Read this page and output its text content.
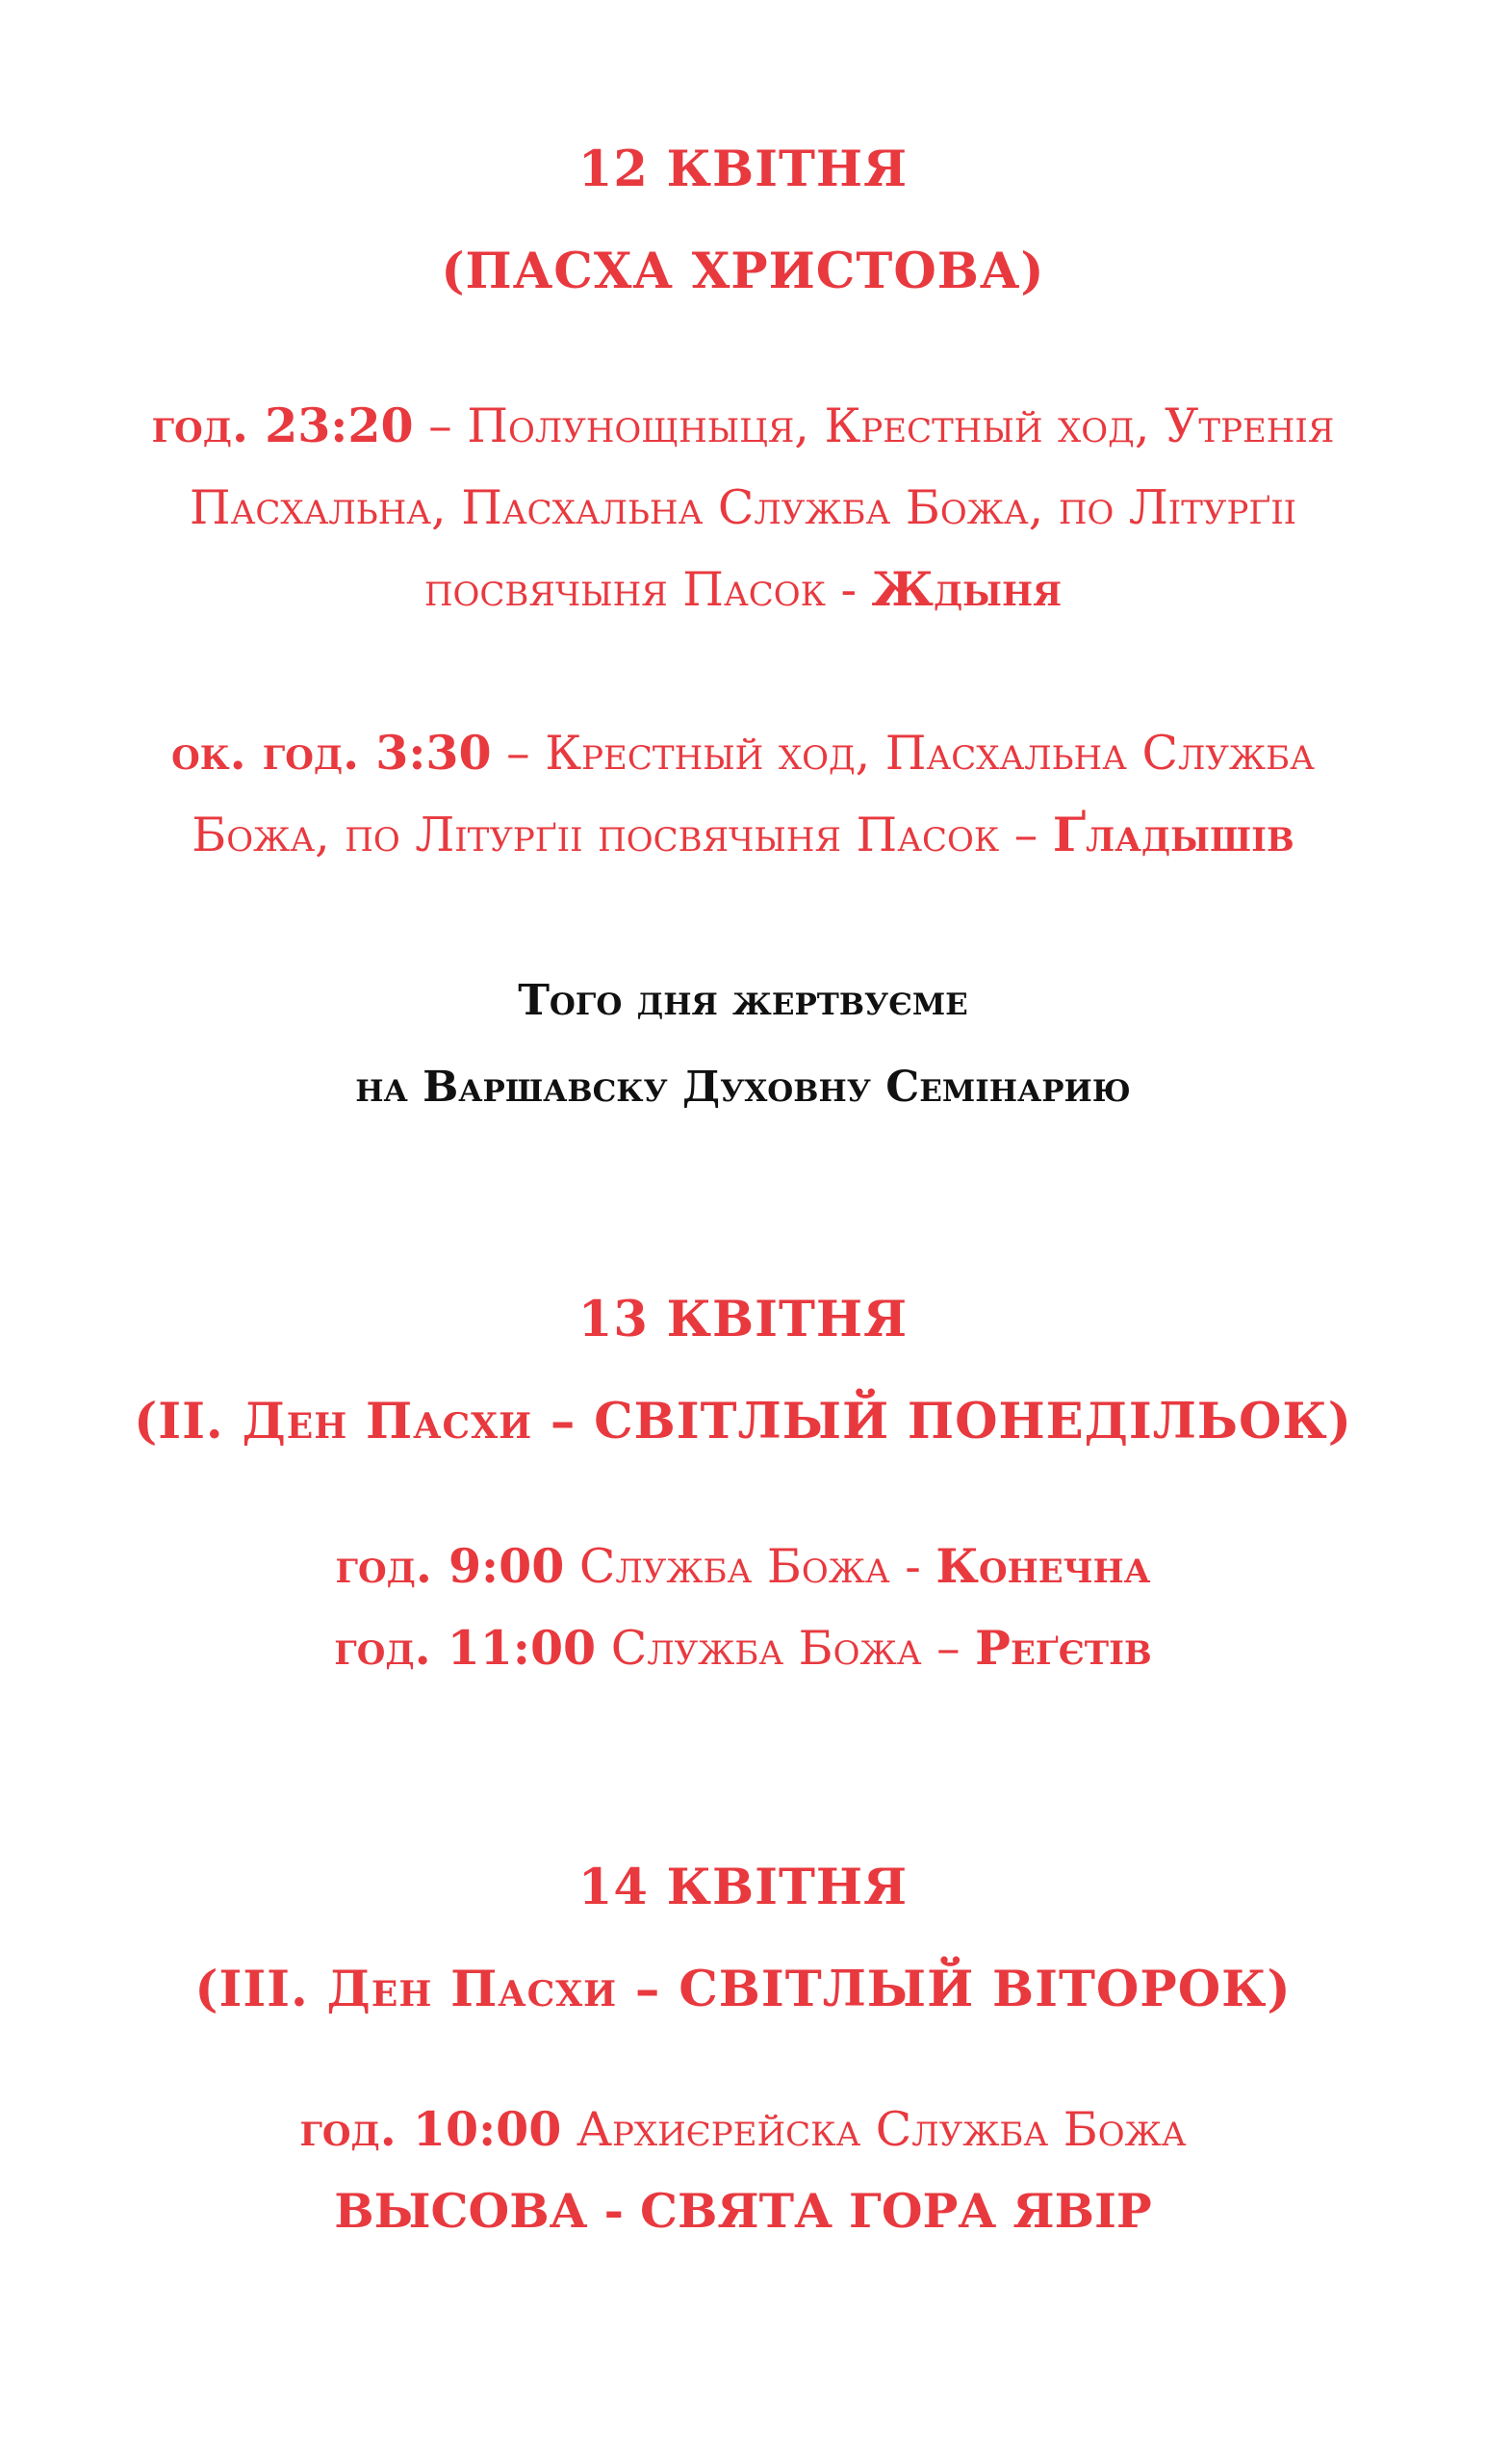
12 КВІТНЯ
(ПАСХА ХРИСТОВА)
год. 23:20 – Полунощныця, Крестный ход, Утренія
Пасхальна, Пасхальна Служба Божа, по Літурґіі
посвячыня Пасок - Ждыня
ок. год. 3:30 – Крестный ход, Пасхальна Служба
Божа, по Літурґіі посвячыня Пасок – Ґладышів
Того дня жертвуєме
на Варшавску Духовну Семінарию
13 КВІТНЯ
(ІІ. Ден Пасхи – СВІТЛЫЙ ПОНЕДІЛЬОК)
год. 9:00 Служба Божа - Конечна
год. 11:00 Служба Божа – Реґєтів
14 КВІТНЯ
(ІІІ. Ден Пасхи – СВІТЛЫЙ ВІТОРОК)
год. 10:00 Архиєрейска Служба Божа
ВЫСОВА - СВЯТА ГОРА ЯВІР
